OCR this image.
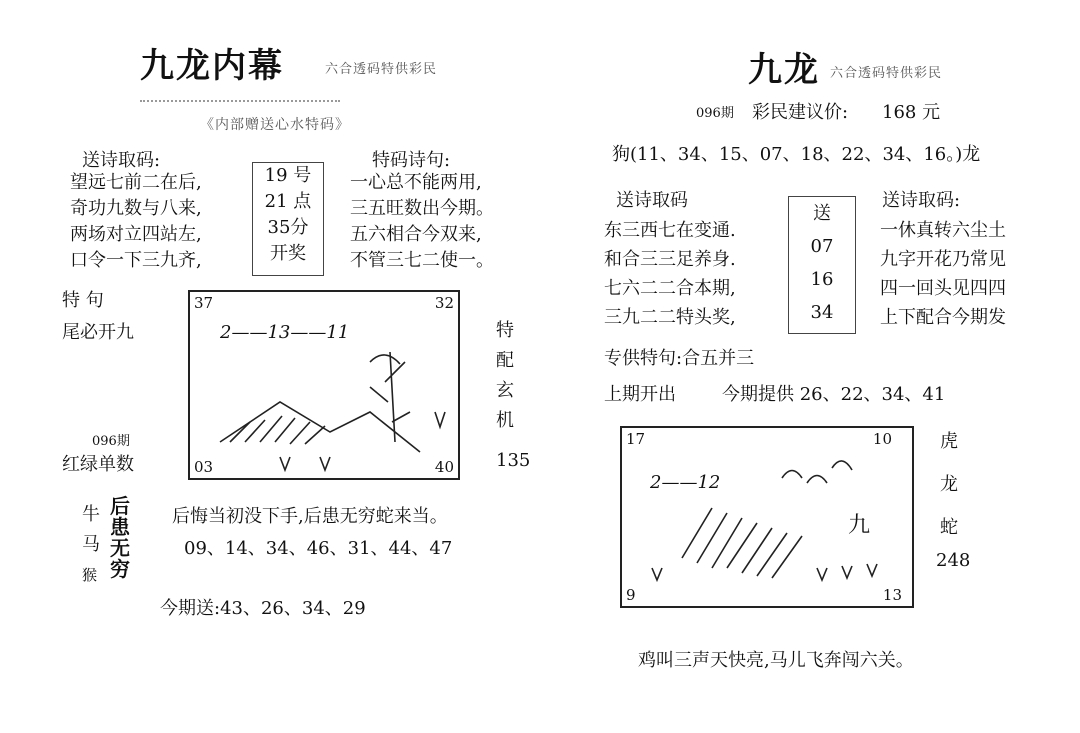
九龙内幕	六合透码特供彩民
《内部赠送心水特码》
送诗取码:
望远七前二在后,
奇功九数与八来,
两场对立四站左,
口令一下三九齐,
19 号
21 点
35分
开奖
特码诗句:
一心总不能两用,
三五旺数出今期。
五六相合今双来,
不管三七二使一。
特 句
尾必开九
37	32
03	40
2——13——11	特
配
玄
机
135
096期
红绿单数
牛
马
猴
后
患
无
穷
后悔当初没下手,后患无穷蛇来当。
09、14、34、46、31、44、47
今期送:43、26、34、29
九龙 六合透码特供彩民
096期 彩民建议价: 168 元
狗(11、34、15、07、18、22、34、16。)龙
送诗取码	送诗取码:
东三西七在变通.
和合三三足养身.
七六二二合本期,
三九二二特头奖,
送
07
16
34
一休真转六尘土
九字开花乃常见
四一回头见四四
上下配合今期发
专供特句:合五并三
上期开出	今期提供 26、22、34、41
17	10
9	13
2——12
九
虎
龙
蛇
248
鸡叫三声天快亮,马儿飞奔闯六关。
